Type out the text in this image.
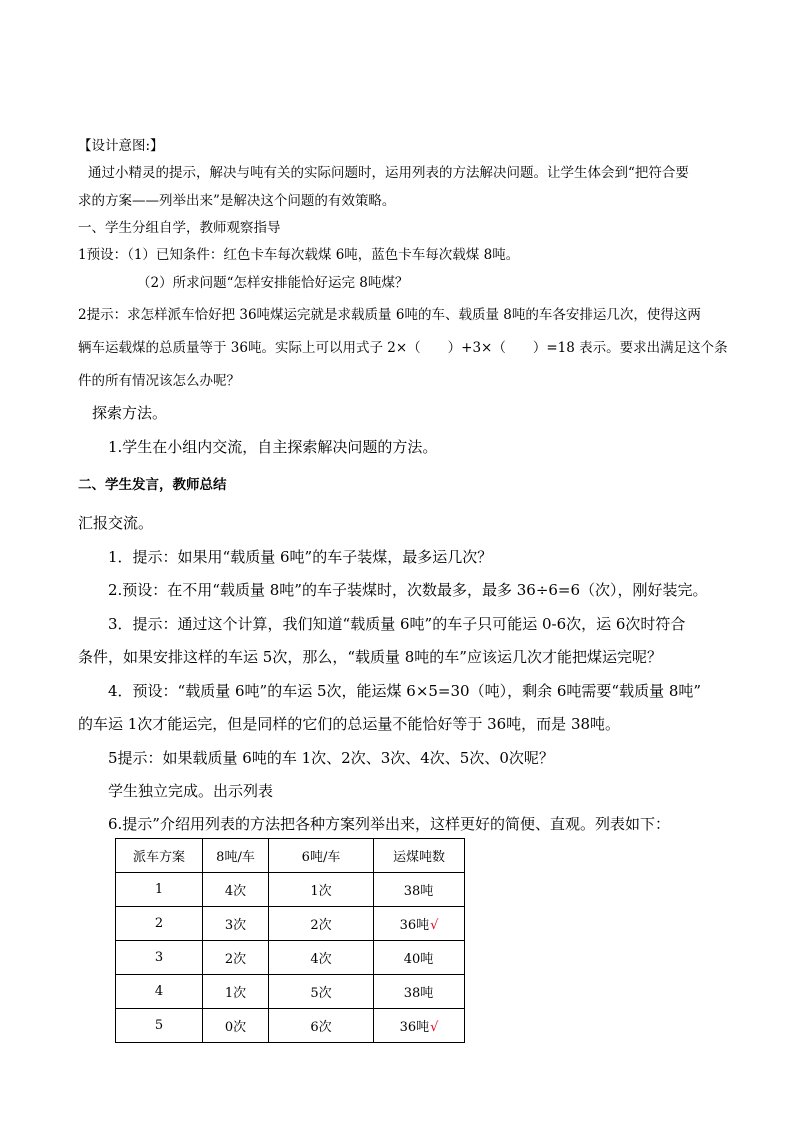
【设计意图:】
通过小精灵的提示，解决与吨有关的实际问题时，运用列表的方法解决问题。让学生体会到“把符合要
求的方案——列举出来”是解决这个问题的有效策略。
一、学生分组自学，教师观察指导
1预设：（1）已知条件：红色卡车每次载煤 6吨，蓝色卡车每次载煤 8吨。
（2）所求问题“怎样安排能恰好运完 8吨煤？
2提示：求怎样派车恰好把 36吨煤运完就是求载质量 6吨的车、载质量 8吨的车各安排运几次，使得这两
辆车运载煤的总质量等于 36吨。实际上可以用式子 2×（　　）+3×（　　）=18 表示。要求出满足这个条
件的所有情况该怎么办呢？
探索方法。
1.学生在小组内交流，自主探索解决问题的方法。
二、学生发言，教师总结
汇报交流。
1．提示：如果用“载质量 6吨”的车子装煤，最多运几次？
2.预设：在不用“载质量 8吨”的车子装煤时，次数最多，最多 36÷6=6（次），刚好装完。
3．提示：通过这个计算，我们知道“载质量 6吨”的车子只可能运 0-6次，运 6次时符合
条件，如果安排这样的车运 5次，那么，“载质量 8吨的车”应该运几次才能把煤运完呢？
4．预设：“载质量 6吨”的车运 5次，能运煤 6×5=30（吨），剩余 6吨需要“载质量 8吨”
的车运 1次才能运完，但是同样的它们的总运量不能恰好等于 36吨，而是 38吨。
5提示：如果载质量 6吨的车 1次、2次、3次、4次、5次、0次呢？
学生独立完成。出示列表
6.提示”介绍用列表的方法把各种方案列举出来，这样更好的简便、直观。列表如下：
派车方案	8吨/车	6吨/车	运煤吨数
1	4次	1次	38吨
2	3次	2次	36吨√
3	2次	4次	40吨
4	1次	5次	38吨
5	0次	6次	36吨√
